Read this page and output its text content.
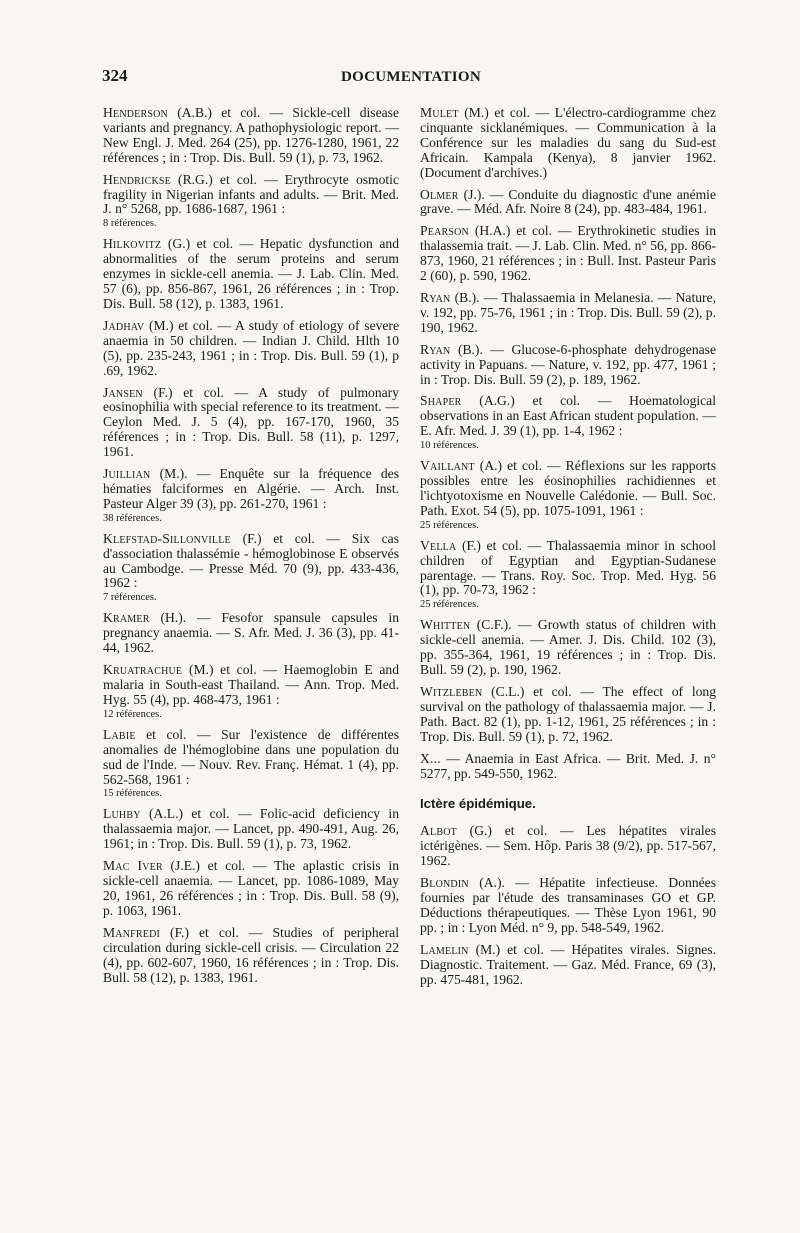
324	DOCUMENTATION
Henderson (A.B.) et col. — Sickle-cell disease variants and pregnancy. A pathophysiologic report. — New Engl. J. Med. 264 (25), pp. 1276-1280, 1961, 22 références ; in : Trop. Dis. Bull. 59 (1), p. 73, 1962.
Hendrickse (R.G.) et col. — Erythrocyte osmotic fragility in Nigerian infants and adults. — Brit. Med. J. n° 5268, pp. 1686-1687, 1961 :
8 références.
Hilkovitz (G.) et col. — Hepatic dysfunction and abnormalities of the serum proteins and serum enzymes in sickle-cell anemia. — J. Lab. Clin. Med. 57 (6), pp. 856-867, 1961, 26 références ; in : Trop. Dis. Bull. 58 (12), p. 1383, 1961.
Jadhav (M.) et col. — A study of etiology of severe anaemia in 50 children. — Indian J. Child. Hlth 10 (5), pp. 235-243, 1961 ; in : Trop. Dis. Bull. 59 (1), p .69, 1962.
Jansen (F.) et col. — A study of pulmonary eosinophilia with special reference to its treatment. — Ceylon Med. J. 5 (4), pp. 167-170, 1960, 35 références ; in : Trop. Dis. Bull. 58 (11), p. 1297, 1961.
Juillian (M.). — Enquête sur la fréquence des hématies falciformes en Algérie. — Arch. Inst. Pasteur Alger 39 (3), pp. 261-270, 1961 :
38 références.
Klefstad-Sillonville (F.) et col. — Six cas d'association thalassémie - hémoglobinose E observés au Cambodge. — Presse Méd. 70 (9), pp. 433-436, 1962 :
7 références.
Kramer (H.). — Fesofor spansule capsules in pregnancy anaemia. — S. Afr. Med. J. 36 (3), pp. 41-44, 1962.
Kruatrachue (M.) et col. — Haemoglobin E and malaria in South-east Thailand. — Ann. Trop. Med. Hyg. 55 (4), pp. 468-473, 1961 :
12 références.
Labie et col. — Sur l'existence de différentes anomalies de l'hémoglobine dans une population du sud de l'Inde. — Nouv. Rev. Franç. Hémat. 1 (4), pp. 562-568, 1961 :
15 références.
Luhby (A.L.) et col. — Folic-acid deficiency in thalassaemia major. — Lancet, pp. 490-491, Aug. 26, 1961; in : Trop. Dis. Bull. 59 (1), p. 73, 1962.
Mac Iver (J.E.) et col. — The aplastic crisis in sickle-cell anaemia. — Lancet, pp. 1086-1089, May 20, 1961, 26 références ; in : Trop. Dis. Bull. 58 (9), p. 1063, 1961.
Manfredi (F.) et col. — Studies of peripheral circulation during sickle-cell crisis. — Circulation 22 (4), pp. 602-607, 1960, 16 références ; in : Trop. Dis. Bull. 58 (12), p. 1383, 1961.
Mulet (M.) et col. — L'électro-cardiogramme chez cinquante sicklanémiques. — Communication à la Conférence sur les maladies du sang du Sud-est Africain. Kampala (Kenya), 8 janvier 1962. (Document d'archives.)
Olmer (J.). — Conduite du diagnostic d'une anémie grave. — Méd. Afr. Noire 8 (24), pp. 483-484, 1961.
Pearson (H.A.) et col. — Erythrokinetic studies in thalassemia trait. — J. Lab. Clin. Med. n° 56, pp. 866-873, 1960, 21 références ; in : Bull. Inst. Pasteur Paris 2 (60), p. 590, 1962.
Ryan (B.). — Thalassaemia in Melanesia. — Nature, v. 192, pp. 75-76, 1961 ; in : Trop. Dis. Bull. 59 (2), p. 190, 1962.
Ryan (B.). — Glucose-6-phosphate dehydrogenase activity in Papuans. — Nature, v. 192, pp. 477, 1961 ; in : Trop. Dis. Bull. 59 (2), p. 189, 1962.
Shaper (A.G.) et col. — Hoematological observations in an East African student population. — E. Afr. Med. J. 39 (1), pp. 1-4, 1962 :
10 références.
Vaillant (A.) et col. — Réflexions sur les rapports possibles entre les éosinophilies rachidiennes et l'ichtyotoxisme en Nouvelle Calédonie. — Bull. Soc. Path. Exot. 54 (5), pp. 1075-1091, 1961 :
25 références.
Vella (F.) et col. — Thalassaemia minor in school children of Egyptian and Egyptian-Sudanese parentage. — Trans. Roy. Soc. Trop. Med. Hyg. 56 (1), pp. 70-73, 1962 :
25 références.
Whitten (C.F.). — Growth status of children with sickle-cell anemia. — Amer. J. Dis. Child. 102 (3), pp. 355-364, 1961, 19 références ; in : Trop. Dis. Bull. 59 (2), p. 190, 1962.
Witzleben (C.L.) et col. — The effect of long survival on the pathology of thalassaemia major. — J. Path. Bact. 82 (1), pp. 1-12, 1961, 25 références ; in : Trop. Dis. Bull. 59 (1), p. 72, 1962.
X... — Anaemia in East Africa. — Brit. Med. J. n° 5277, pp. 549-550, 1962.
Ictère épidémique.
Albot (G.) et col. — Les hépatites virales ictérigènes. — Sem. Hôp. Paris 38 (9/2), pp. 517-567, 1962.
Blondin (A.). — Hépatite infectieuse. Données fournies par l'étude des transaminases GO et GP. Déductions thérapeutiques. — Thèse Lyon 1961, 90 pp. ; in : Lyon Méd. n° 9, pp. 548-549, 1962.
Lamelin (M.) et col. — Hépatites virales. Signes. Diagnostic. Traitement. — Gaz. Méd. France, 69 (3), pp. 475-481, 1962.
